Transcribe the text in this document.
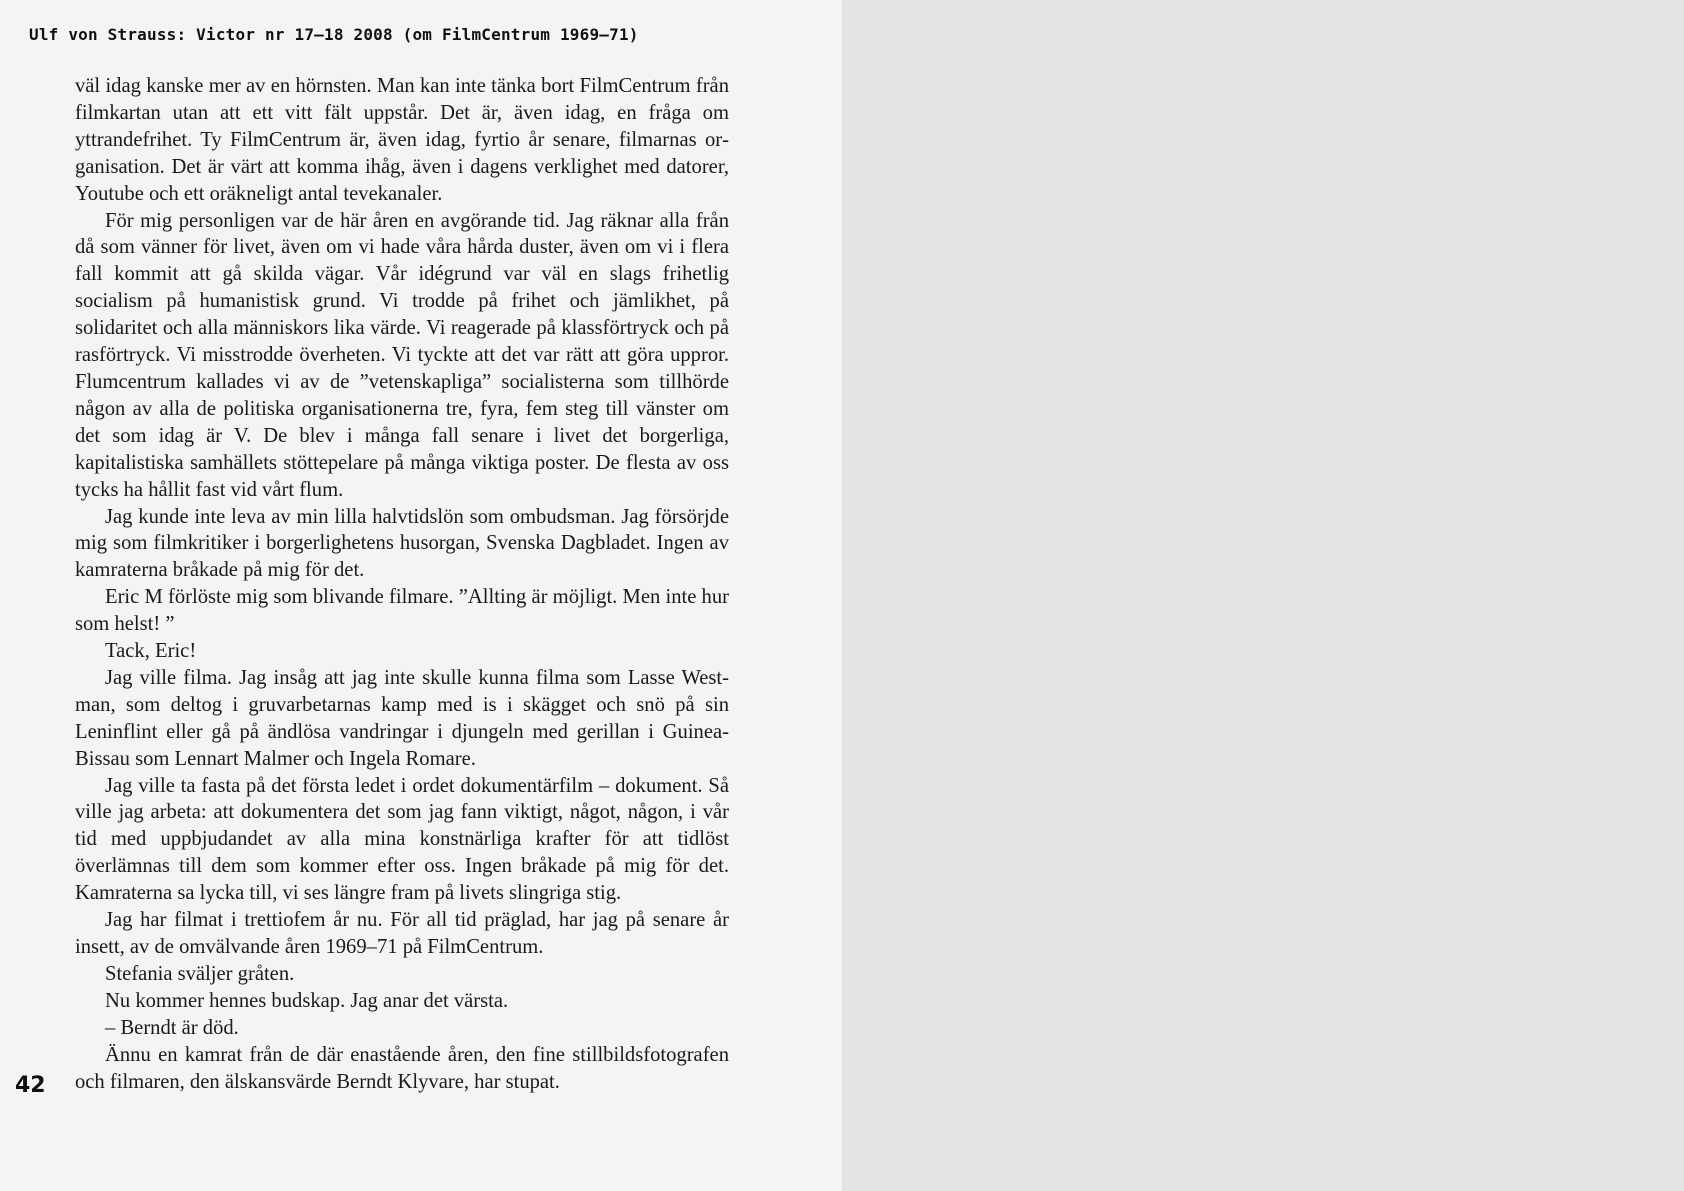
Ulf von Strauss: Victor nr 17–18 2008 (om FilmCentrum 1969–71)

väl idag kanske mer av en hörnsten. Man kan inte tänka bort FilmCentrum från filmkartan utan att ett vitt fält uppstår. Det är, även idag, en fråga om yttrandefrihet. Ty FilmCentrum är, även idag, fyrtio år senare, filmarnas organisation. Det är värt att komma ihåg, även i dagens verklighet med datorer, Youtube och ett oräkneligt antal tevekanaler.

För mig personligen var de här åren en avgörande tid. Jag räknar alla från då som vänner för livet, även om vi hade våra hårda duster, även om vi i flera fall kommit att gå skilda vägar. Vår idégrund var väl en slags frihetlig socialism på humanistisk grund. Vi trodde på frihet och jämlikhet, på solidaritet och alla människors lika värde. Vi reagerade på klassförtryck och på rasförtryck. Vi misstrodde överheten. Vi tyckte att det var rätt att göra uppror. Flumcentrum kallades vi av de ”vetenskapliga” socialisterna som tillhörde någon av alla de politiska organisationerna tre, fyra, fem steg till vänster om det som idag är V. De blev i många fall senare i livet det borgerliga, kapitalistiska samhällets stöttepelare på många viktiga poster. De flesta av oss tycks ha hållit fast vid vårt flum.

Jag kunde inte leva av min lilla halvtidslön som ombudsman. Jag försörjde mig som filmkritiker i borgerlighetens husorgan, Svenska Dagbladet. Ingen av kamraterna bråkade på mig för det.

Eric M förlöste mig som blivande filmare. ”Allting är möjligt. Men inte hur som helst! ”

Tack, Eric!

Jag ville filma. Jag insåg att jag inte skulle kunna filma som Lasse Westman, som deltog i gruvarbetarnas kamp med is i skägget och snö på sin Leninflint eller gå på ändlösa vandringar i djungeln med gerillan i Guinea-Bissau som Lennart Malmer och Ingela Romare.

Jag ville ta fasta på det första ledet i ordet dokumentärfilm – dokument. Så ville jag arbeta: att dokumentera det som jag fann viktigt, något, någon, i vår tid med uppbjudandet av alla mina konstnärliga krafter för att tidlöst överlämnas till dem som kommer efter oss. Ingen bråkade på mig för det. Kamraterna sa lycka till, vi ses längre fram på livets slingriga stig.

Jag har filmat i trettiofem år nu. För all tid präglad, har jag på senare år insett, av de omvälvande åren 1969–71 på FilmCentrum.

Stefania sväljer gråten.

Nu kommer hennes budskap. Jag anar det värsta.

– Berndt är död.

Ännu en kamrat från de där enastående åren, den fine stillbildsfotografen och filmaren, den älskansvärde Berndt Klyvare, har stupat.

42
